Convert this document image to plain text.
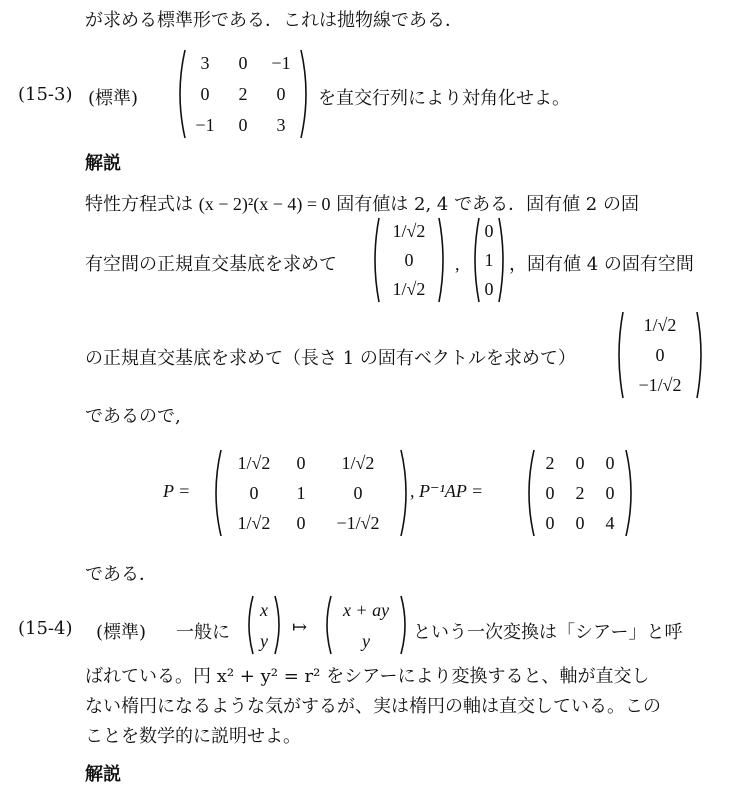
が求める標準形である．これは拋物線である．
(15-3) (標準)
3 0 −1
0 2 0
−1 0 3
を直交行列により対角化せよ。
解説
特性方程式は (x − 2)²(x − 4) = 0 固有値は 2, 4 である．固有値 2 の固
有空間の正規直交基底を求めて
1/√2
0
1/√2
,
0
1
0
，固有値 4 の固有空間
の正規直交基底を求めて（長さ 1 の固有ベクトルを求めて）
1/√2
0
−1/√2
であるので,
P =
1/√2 0 1/√2
0 1	0
1/√2 0 −1/√2
, P⁻¹AP =
2 0 0
0 2 0
0 0 4
である．
(15-4) (標準) 一般に
x
y
↦
x + ay
y という一次変換は「シアー」と呼
ばれている。円 x² + y² = r² をシアーにより変換すると、軸が直交し
ない楕円になるような気がするが、実は楕円の軸は直交している。この
ことを数学的に説明せよ。
解説
